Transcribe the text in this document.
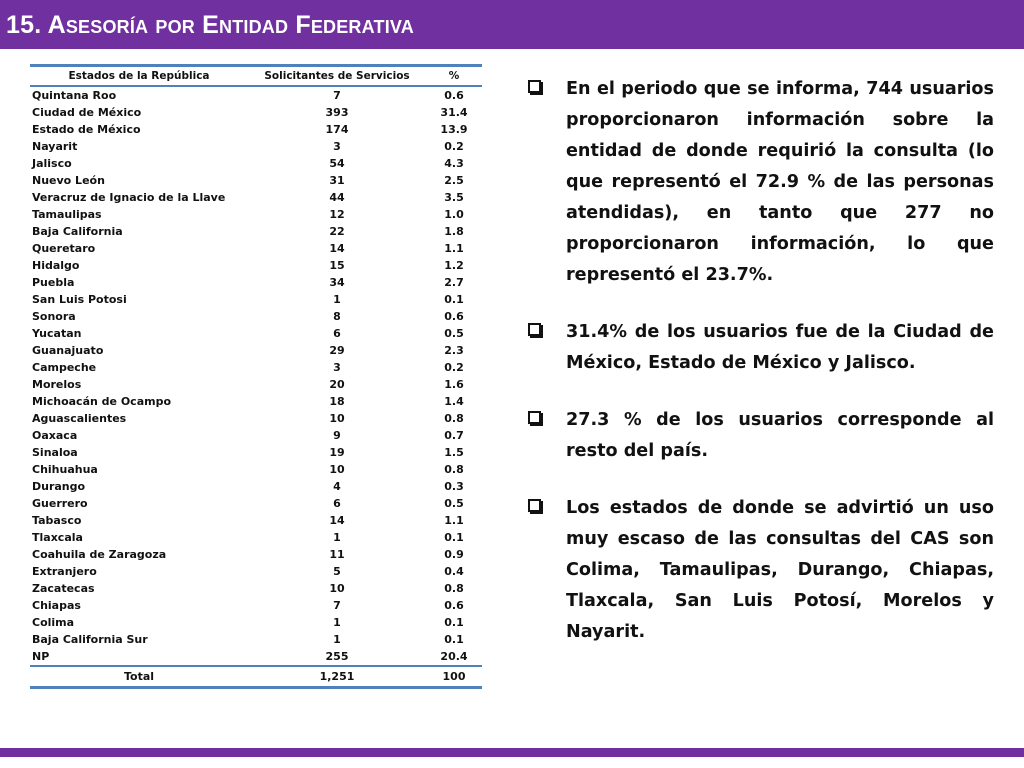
15. Asesoría por Entidad Federativa
Estados de la República	Solicitantes de Servicios	%
Quintana Roo	7	0.6
Ciudad de México	393	31.4
Estado de México	174	13.9
Nayarit	3	0.2
Jalisco	54	4.3
Nuevo León	31	2.5
Veracruz de Ignacio de la Llave	44	3.5
Tamaulipas	12	1.0
Baja California	22	1.8
Queretaro	14	1.1
Hidalgo	15	1.2
Puebla	34	2.7
San Luis Potosi	1	0.1
Sonora	8	0.6
Yucatan	6	0.5
Guanajuato	29	2.3
Campeche	3	0.2
Morelos	20	1.6
Michoacán de Ocampo	18	1.4
Aguascalientes	10	0.8
Oaxaca	9	0.7
Sinaloa	19	1.5
Chihuahua	10	0.8
Durango	4	0.3
Guerrero	6	0.5
Tabasco	14	1.1
Tlaxcala	1	0.1
Coahuila de Zaragoza	11	0.9
Extranjero	5	0.4
Zacatecas	10	0.8
Chiapas	7	0.6
Colima	1	0.1
Baja California Sur	1	0.1
NP	255	20.4
Total	1,251	100
En el periodo que se informa, 744 usuarios proporcionaron información sobre la entidad de donde requirió la consulta (lo que representó el 72.9 % de las personas atendidas), en tanto que 277 no proporcionaron información, lo que representó el 23.7%.
31.4% de los usuarios fue de la Ciudad de México, Estado de México y Jalisco.
27.3 % de los usuarios corresponde al resto del país.
Los estados de donde se advirtió un uso muy escaso de las consultas del CAS son Colima, Tamaulipas, Durango, Chiapas, Tlaxcala, San Luis Potosí, Morelos y Nayarit.
